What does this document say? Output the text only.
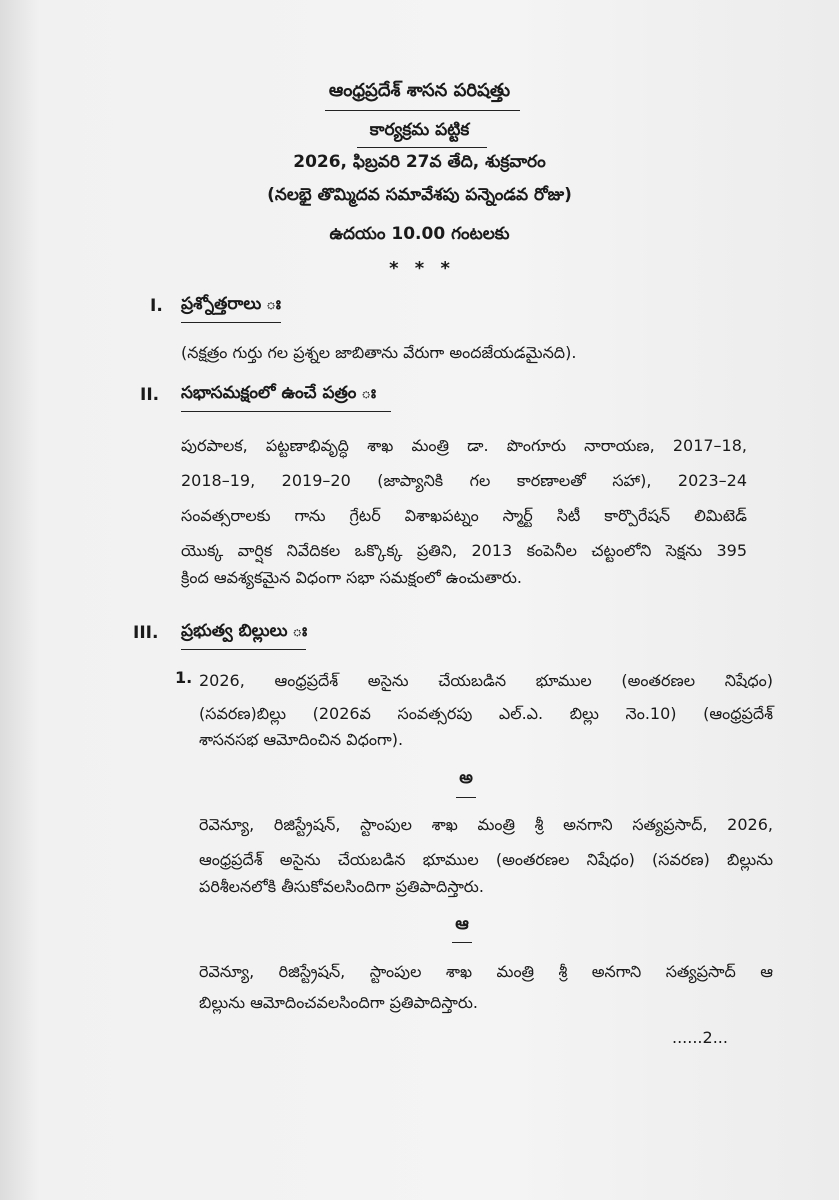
ఆంధ్రప్రదేశ్ శాసన పరిషత్తు
కార్యక్రమ పట్టిక
2026, ఫిబ్రవరి 27వ తేది, శుక్రవారం
(నలభై తొమ్మిదవ సమావేశపు పన్నెండవ రోజు)
ఉదయం 10.00 గంటలకు
* * *
I. ప్రశ్నోత్తరాలు ః
(నక్షత్రం గుర్తు గల ప్రశ్నల జాబితాను వేరుగా అందజేయడమైనది).
II. సభాసమక్షంలో ఉంచే పత్రం ః
పురపాలక, పట్టణాభివృద్ధి శాఖ మంత్రి డా. పొంగూరు నారాయణ, 2017–18,
2018–19, 2019–20 (జాప్యానికి గల కారణాలతో సహా), 2023–24
సంవత్సరాలకు గాను గ్రేటర్ విశాఖపట్నం స్మార్ట్ సిటీ కార్పొరేషన్ లిమిటెడ్
యొక్క వార్షిక నివేదికల ఒక్కొక్క ప్రతిని, 2013 కంపెనీల చట్టంలోని సెక్షను 395
క్రింద ఆవశ్యకమైన విధంగా సభా సమక్షంలో ఉంచుతారు.
III. ప్రభుత్వ బిల్లులు ః
1. 2026, ఆంధ్రప్రదేశ్ అసైను చేయబడిన భూముల (అంతరణల నిషేధం)
(సవరణ)బిల్లు (2026వ సంవత్సరపు ఎల్.ఎ. బిల్లు నెం.10) (ఆంధ్రప్రదేశ్
శాసనసభ ఆమోదించిన విధంగా).
అ
రెవెన్యూ, రిజిస్ట్రేషన్, స్టాంపుల శాఖ మంత్రి శ్రీ అనగాని సత్యప్రసాద్, 2026,
ఆంధ్రప్రదేశ్ అసైను చేయబడిన భూముల (అంతరణల నిషేధం) (సవరణ) బిల్లును
పరిశీలనలోకి తీసుకోవలసిందిగా ప్రతిపాదిస్తారు.
ఆ
రెవెన్యూ, రిజిస్ట్రేషన్, స్టాంపుల శాఖ మంత్రి శ్రీ అనగాని సత్యప్రసాద్ ఆ
బిల్లును ఆమోదించవలసిందిగా ప్రతిపాదిస్తారు.
......2...
